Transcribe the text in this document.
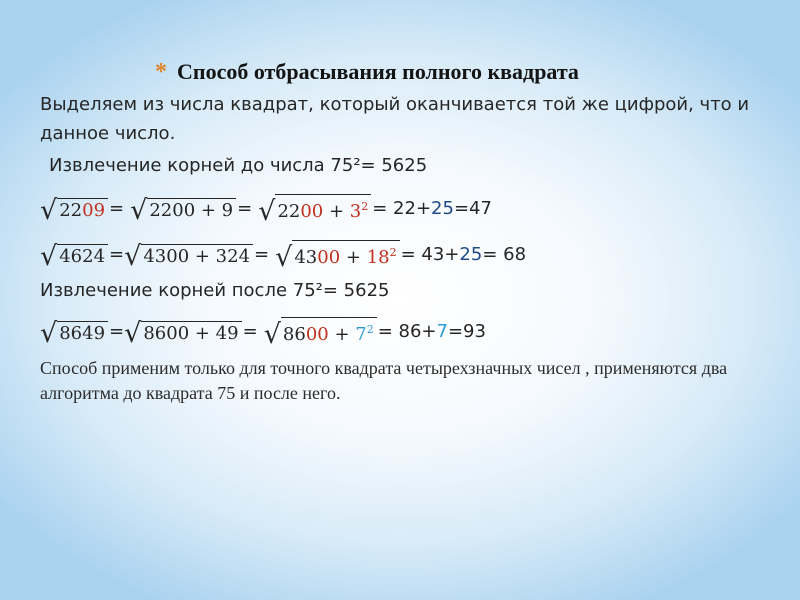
* Способ отбрасывания полного квадрата
Выделяем из числа квадрат, который оканчивается той же цифрой, что и данное число.
Извлечение корней до числа 75²= 5625
√ 2209 = √ 2200 + 9 = √ $2200 + 3^2 = 22+ 25 =47$
√ 4624 = √ 4300 + 324 = √ $4300 + 18^2 = 43+ 25 = 68$
Извлечение корней после 75²= 5625
√ 8649 = √ 8600 + 49 = √ $8600 + 7^2 = 86+ 7 =93$
Способ применим только для точного квадрата четырехзначных чисел , применяются два алгоритма до квадрата 75 и после него.
